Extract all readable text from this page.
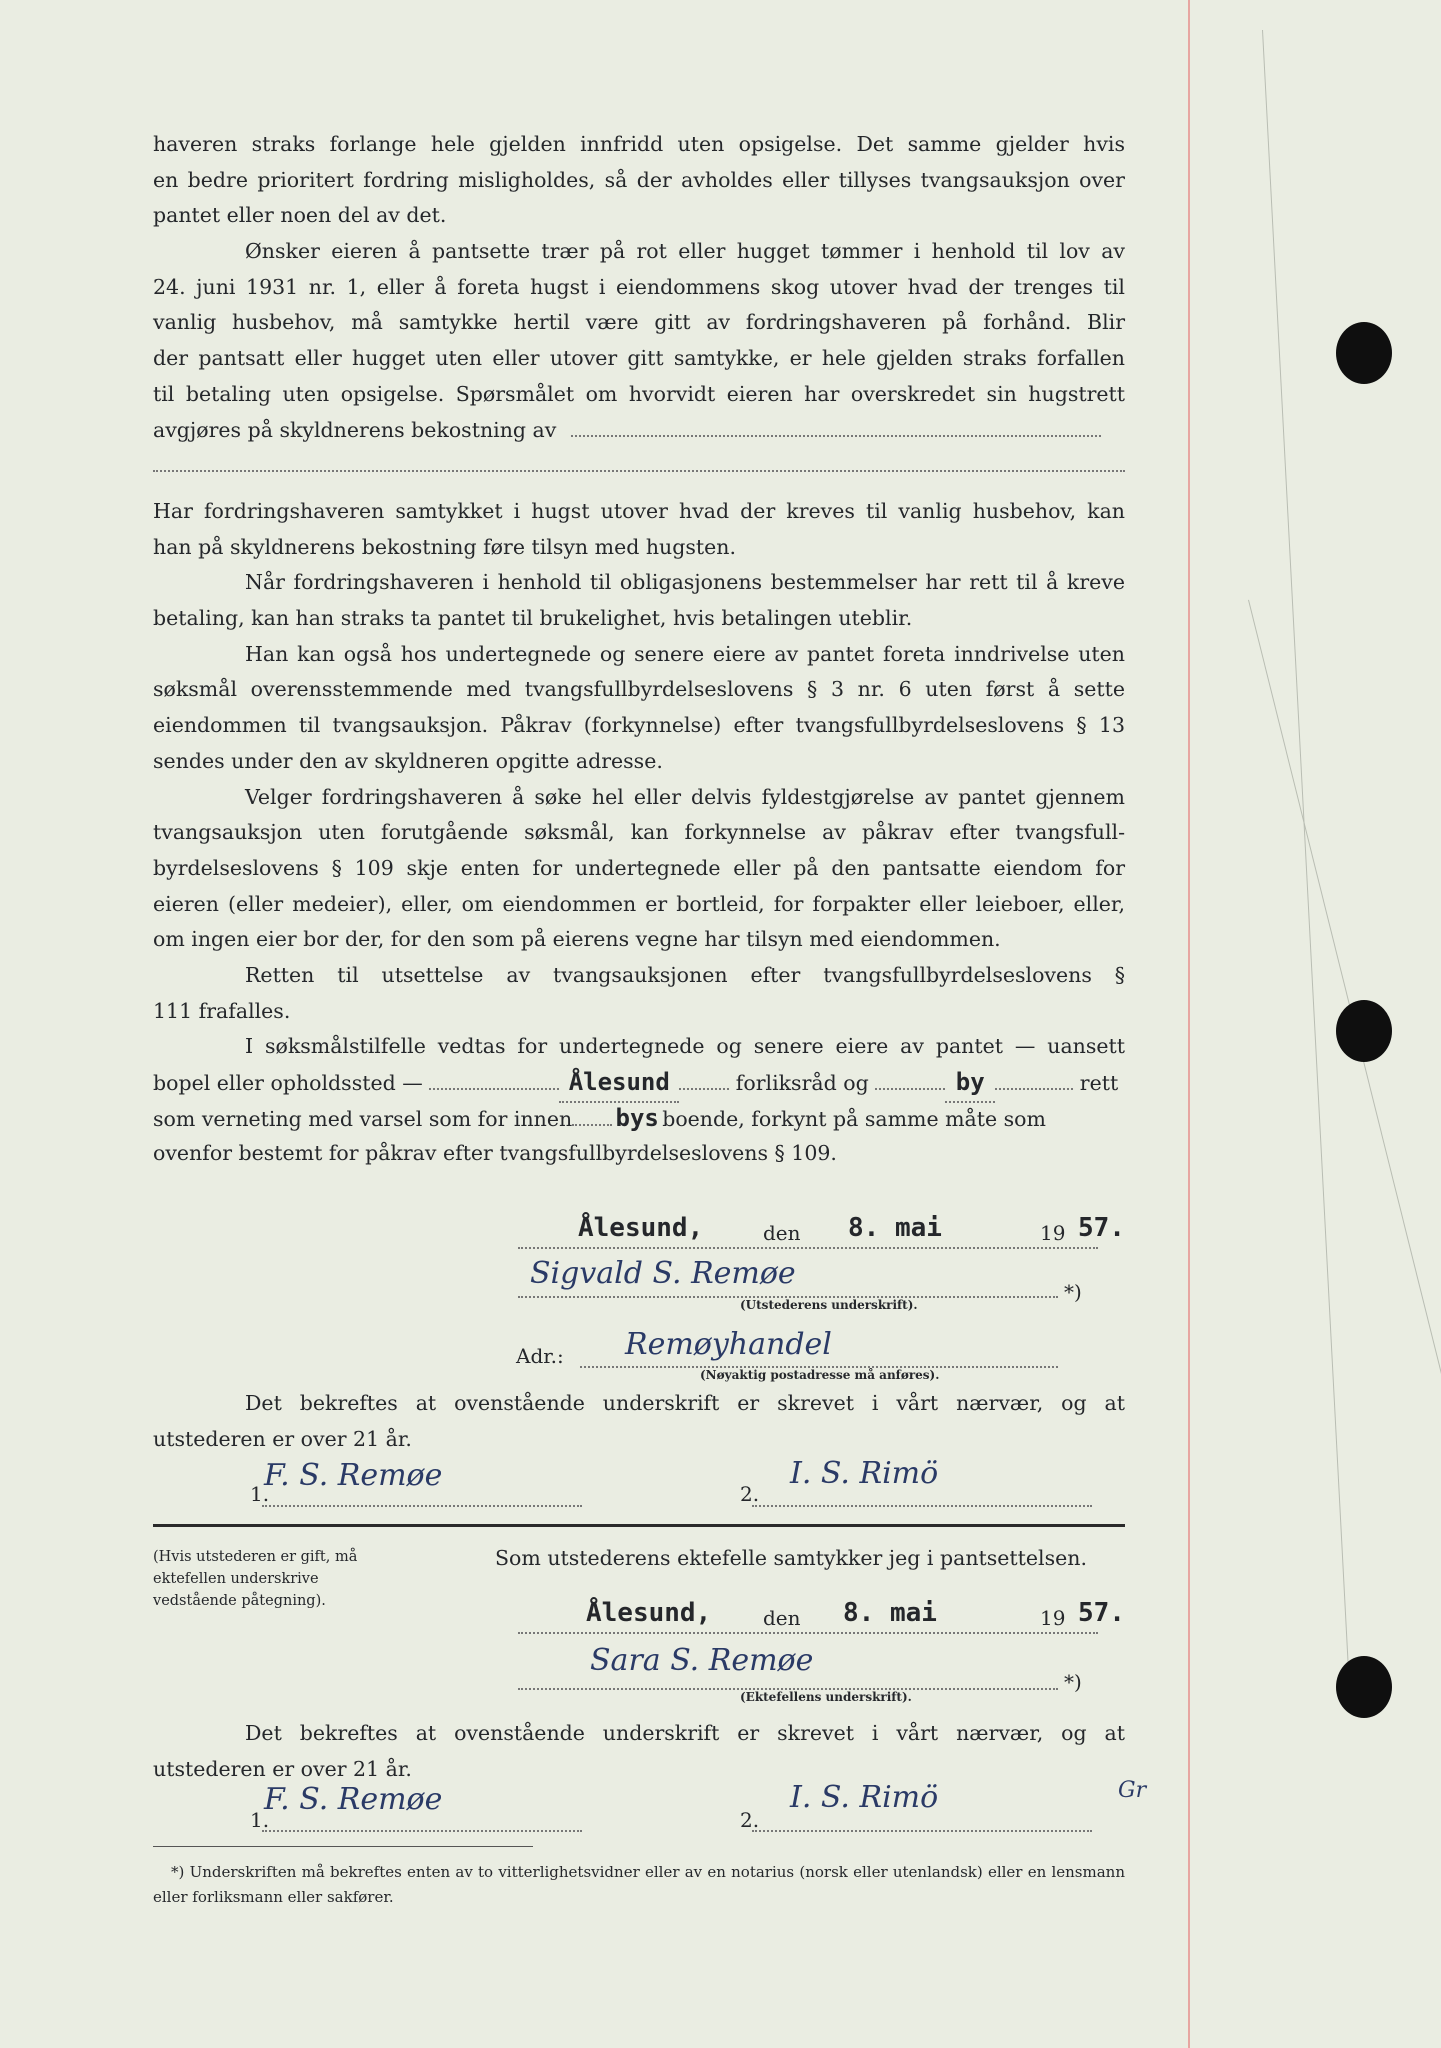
haveren straks forlange hele gjelden innfridd uten opsigelse. Det samme gjelder hvis
en bedre prioritert fordring misligholdes, så der avholdes eller tillyses tvangsauksjon over
pantet eller noen del av det.
Ønsker eieren å pantsette trær på rot eller hugget tømmer i henhold til lov av
24. juni 1931 nr. 1, eller å foreta hugst i eiendommens skog utover hvad der trenges til
vanlig husbehov, må samtykke hertil være gitt av fordringshaveren på forhånd. Blir
der pantsatt eller hugget uten eller utover gitt samtykke, er hele gjelden straks forfallen
til betaling uten opsigelse. Spørsmålet om hvorvidt eieren har overskredet sin hugstrett
avgjøres på skyldnerens bekostning av
Har fordringshaveren samtykket i hugst utover hvad der kreves til vanlig husbehov, kan
han på skyldnerens bekostning føre tilsyn med hugsten.
Når fordringshaveren i henhold til obligasjonens bestemmelser har rett til å kreve
betaling, kan han straks ta pantet til brukelighet, hvis betalingen uteblir.
Han kan også hos undertegnede og senere eiere av pantet foreta inndrivelse uten
søksmål overensstemmende med tvangsfullbyrdelseslovens § 3 nr. 6 uten først å sette
eiendommen til tvangsauksjon. Påkrav (forkynnelse) efter tvangsfullbyrdelseslovens § 13
sendes under den av skyldneren opgitte adresse.
Velger fordringshaveren å søke hel eller delvis fyldestgjørelse av pantet gjennem
tvangsauksjon uten forutgående søksmål, kan forkynnelse av påkrav efter tvangsfull-
byrdelseslovens § 109 skje enten for undertegnede eller på den pantsatte eiendom for
eieren (eller medeier), eller, om eiendommen er bortleid, for forpakter eller leieboer, eller,
om ingen eier bor der, for den som på eierens vegne har tilsyn med eiendommen.
Retten til utsettelse av tvangsauksjonen efter tvangsfullbyrdelseslovens §
111 frafalles.
I søksmålstilfelle vedtas for undertegnede og senere eiere av pantet — uansett
bopel eller opholdssted —	Ålesund	forliksråd og	by	rett
som verneting med varsel som for innen bys boende, forkynt på samme måte som
ovenfor bestemt for påkrav efter tvangsfullbyrdelseslovens § 109.
Ålesund,	den 8. mai	19 57.
Sigvald S. Remøe
*)
(Utstederens underskrift).
Adr.: Remøyhandel
(Nøyaktig postadresse må anføres).
Det bekreftes at ovenstående underskrift er skrevet i vårt nærvær, og at
utstederen er over 21 år.
1.
F. S. Remøe
2.
I. S. Rimö
(Hvis utstederen er gift, må ektefellen underskrive vedstående påtegning).
Som utstederens ektefelle samtykker jeg i pantsettelsen.
Ålesund,	den 8. mai	19 57.
Sara S. Remøe
*)
(Ektefellens underskrift).
Det bekreftes at ovenstående underskrift er skrevet i vårt nærvær, og at
utstederen er over 21 år.
1.
F. S. Remøe
2.
I. S. Rimö	Gr
*) Underskriften må bekreftes enten av to vitterlighetsvidner eller av en notarius (norsk eller utenlandsk) eller en lensmann eller forliksmann eller sakfører.
